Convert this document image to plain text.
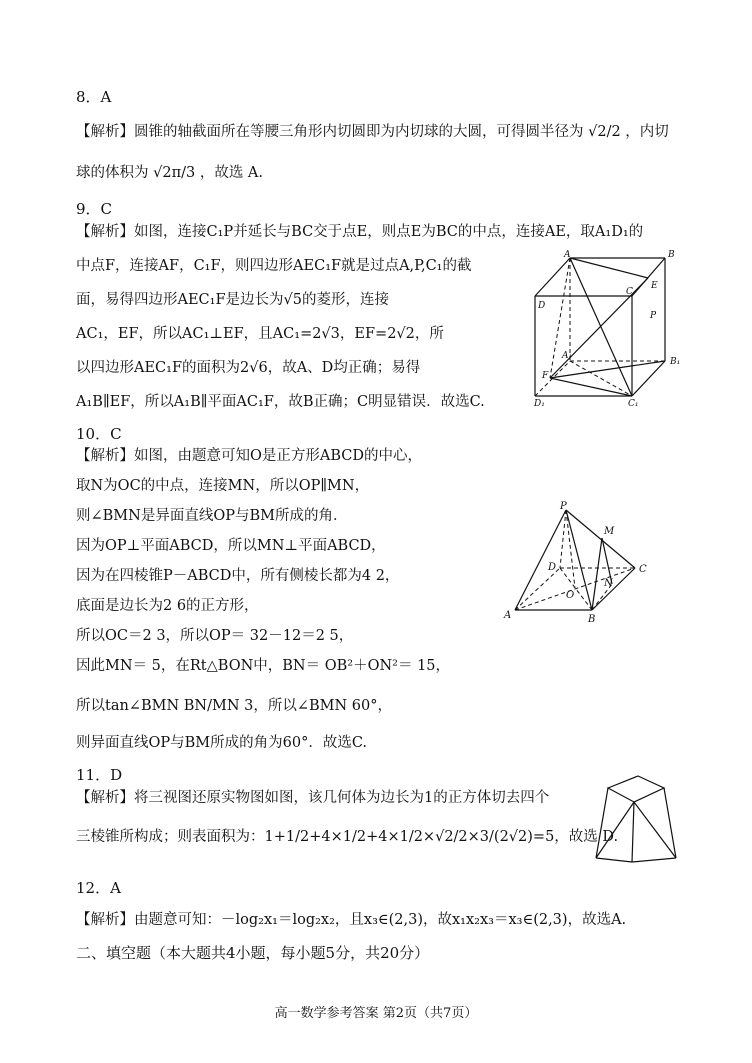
8．A
【解析】圆锥的轴截面所在等腰三角形内切圆即为内切球的大圆，可得圆半径为 √2/2 ，内切
球的体积为 √2π/3 ，故选 A.
9．C
【解析】如图，连接C₁P并延长与BC交于点E，则点E为BC的中点，连接AE，取A₁D₁的
中点F，连接AF，C₁F，则四边形AEC₁F就是过点A,P,C₁的截
面，易得四边形AEC₁F是边长为√5的菱形，连接
AC₁，EF，所以AC₁⊥EF，且AC₁=2√3，EF=2√2，所
以四边形AEC₁F的面积为2√6，故A、D均正确；易得
A₁B∥EF，所以A₁B∥平面AC₁F，故B正确；C明显错误．故选C.
A	B
C
E
D
P
A₁
B₁
D₁	C₁
F
10．C
【解析】如图，由题意可知O是正方形ABCD的中心，
取N为OC的中点，连接MN，所以OP∥MN，
则∠BMN是异面直线OP与BM所成的角．
因为OP⊥平面ABCD，所以MN⊥平面ABCD，
因为在四棱锥P－ABCD中，所有侧棱长都为4 2，
底面是边长为2 6的正方形，
所以OC＝2 3，所以OP＝ 32－12＝2 5，
因此MN＝ 5，在Rt△BON中，BN＝ OB²＋ON²＝ 15，
所以tan∠BMN BN/MN 3，所以∠BMN 60°，
则异面直线OP与BM所成的角为60°．故选C.
P
M
D	C
N
O
A	B
11．D
【解析】将三视图还原实物图如图，该几何体为边长为1的正方体切去四个
三棱锥所构成；则表面积为：1+1/2+4×1/2+4×1/2×√2/2×3/(2√2)=5，故选 D.
12．A
【解析】由题意可知：－log₂x₁＝log₂x₂，且x₃∈(2,3)，故x₁x₂x₃＝x₃∈(2,3)，故选A.
二、填空题（本大题共4小题，每小题5分，共20分）
高一数学参考答案 第2页（共7页）
